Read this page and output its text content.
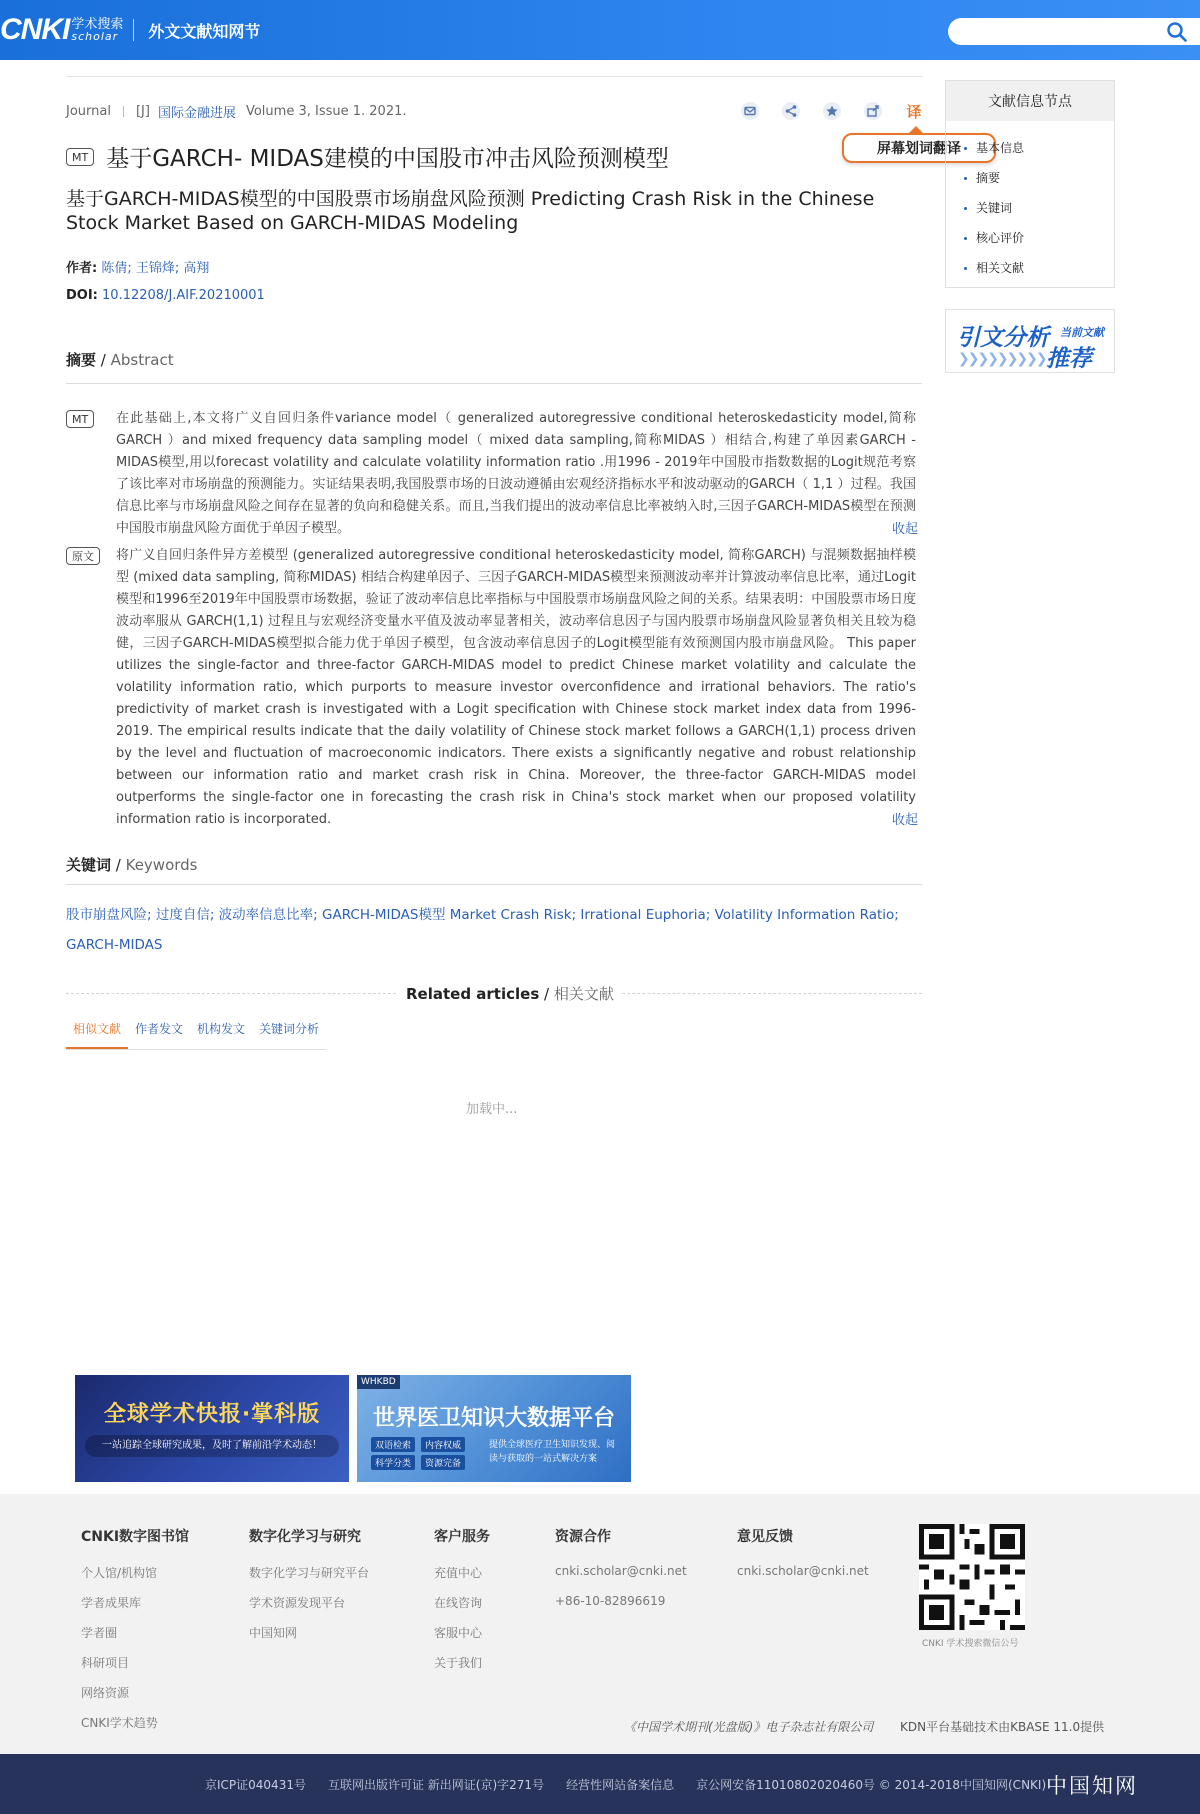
CNKI 学术搜索
scholar	外文文献知网节
Journal [J] 国际金融进展 Volume 3, Issue 1. 2021.	译
屏幕划词翻译
MT 基于GARCH- MIDAS建模的中国股市冲击风险预测模型
基于GARCH-MIDAS模型的中国股票市场崩盘风险预测 Predicting Crash Risk in the Chinese Stock Market Based on GARCH-MIDAS Modeling
作者: 陈倩; 王锦烽; 高翔
DOI: 10.12208/J.AIF.20210001
摘要 / Abstract
MT	在此基础上,本文将广义自回归条件variance model（ generalized autoregressive conditional heteroskedasticity model,简称GARCH ）and mixed frequency data sampling model（ mixed data sampling,简称MIDAS ）相结合,构建了单因素GARCH - MIDAS模型,用以forecast volatility and calculate volatility information ratio .用1996 - 2019年中国股市指数数据的Logit规范考察了该比率对市场崩盘的预测能力。实证结果表明,我国股票市场的日波动遵循由宏观经济指标水平和波动驱动的GARCH（ 1,1 ）过程。我国信息比率与市场崩盘风险之间存在显著的负向和稳健关系。而且,当我们提出的波动率信息比率被纳入时,三因子GARCH-MIDAS模型在预测中国股市崩盘风险方面优于单因子模型。	收起
原文	将广义自回归条件异方差模型 (generalized autoregressive conditional heteroskedasticity model, 简称GARCH) 与混频数据抽样模型 (mixed data sampling, 简称MIDAS) 相结合构建单因子、三因子GARCH-MIDAS模型来预测波动率并计算波动率信息比率，通过Logit模型和1996至2019年中国股票市场数据，验证了波动率信息比率指标与中国股票市场崩盘风险之间的关系。结果表明：中国股票市场日度波动率服从 GARCH(1,1) 过程且与宏观经济变量水平值及波动率显著相关，波动率信息因子与国内股票市场崩盘风险显著负相关且较为稳健，三因子GARCH-MIDAS模型拟合能力优于单因子模型，包含波动率信息因子的Logit模型能有效预测国内股市崩盘风险。 This paper utilizes the single-factor and three-factor GARCH-MIDAS model to predict Chinese market volatility and calculate the volatility information ratio, which purports to measure investor overconfidence and irrational behaviors. The ratio's predictivity of market crash is investigated with a Logit specification with Chinese stock market index data from 1996-2019. The empirical results indicate that the daily volatility of Chinese stock market follows a GARCH(1,1) process driven by the level and fluctuation of macroeconomic indicators. There exists a significantly negative and robust relationship between our information ratio and market crash risk in China. Moreover, the three-factor GARCH-MIDAS model outperforms the single-factor one in forecasting the crash risk in China's stock market when our proposed volatility information ratio is incorporated.	收起
关键词 / Keywords
股市崩盘风险; 过度自信; 波动率信息比率; GARCH-MIDAS模型 Market Crash Risk; Irrational Euphoria; Volatility Information Ratio; GARCH-MIDAS
Related articles / 相关文献
相似文献	作者发文	机构发文	关键词分析
加载中...
全球学术快报·掌科版
一站追踪全球研究成果，及时了解前沿学术动态！
WHKBD
世界医卫知识大数据平台
双语检索	内容权威
科学分类	资源完备
提供全球医疗卫生知识发现、阅读与获取的一站式解决方案
文献信息节点
基本信息
摘要
关键词
核心评价
相关文献
引文分析 当前文献
推荐
❯❯❯❯❯❯❯❯❯
CNKI数字图书馆
个人馆/机构馆
学者成果库
学者圈
科研项目
网络资源
CNKI学术趋势
数字化学习与研究
数字化学习与研究平台
学术资源发现平台
中国知网
客户服务
充值中心
在线咨询
客服中心
关于我们
资源合作
cnki.scholar@cnki.net
+86-10-82896619
意见反馈
cnki.scholar@cnki.net
CNKI 学术搜索微信公号
《中国学术期刊(光盘版)》电子杂志社有限公司 KDN平台基础技术由KBASE 11.0提供
京ICP证040431号 互联网出版许可证 新出网证(京)字271号 经营性网站备案信息 京公网安备11010802020460号 © 2014-2018中国知网(CNKI) 中国知网
